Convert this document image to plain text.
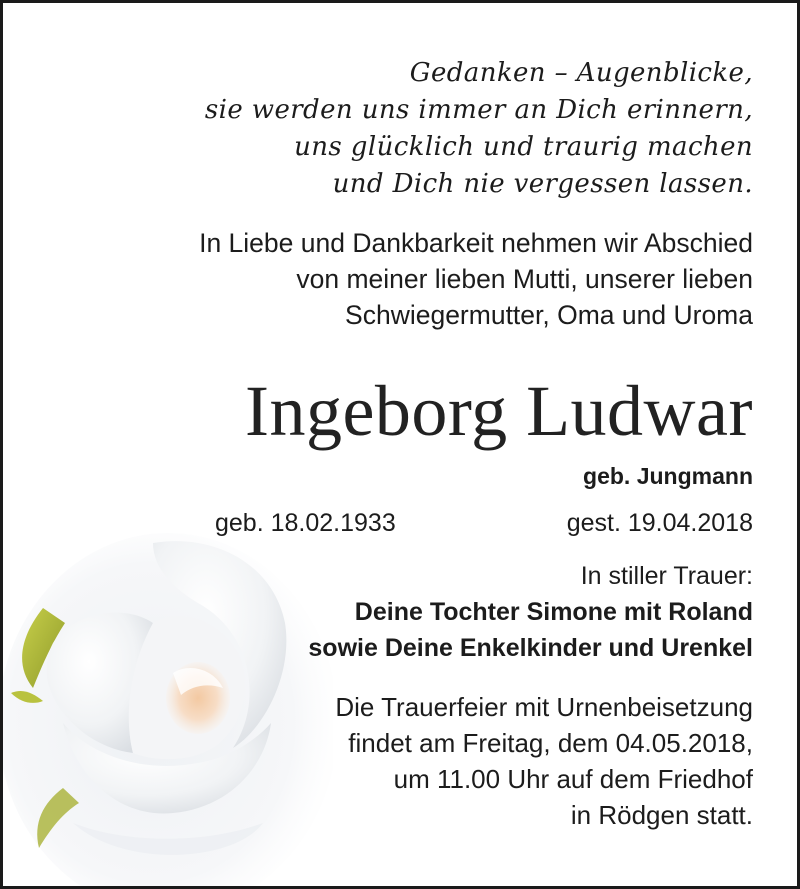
Gedanken – Augenblicke,
sie werden uns immer an Dich erinnern,
uns glücklich und traurig machen
und Dich nie vergessen lassen.
In Liebe und Dankbarkeit nehmen wir Abschied
von meiner lieben Mutti, unserer lieben
Schwiegermutter, Oma und Uroma
Ingeborg Ludwar
geb. Jungmann
geb. 18.02.1933	gest. 19.04.2018
In stiller Trauer:
Deine Tochter Simone mit Roland
sowie Deine Enkelkinder und Urenkel
Die Trauerfeier mit Urnenbeisetzung
findet am Freitag, dem 04.05.2018,
um 11.00 Uhr auf dem Friedhof
in Rödgen statt.
